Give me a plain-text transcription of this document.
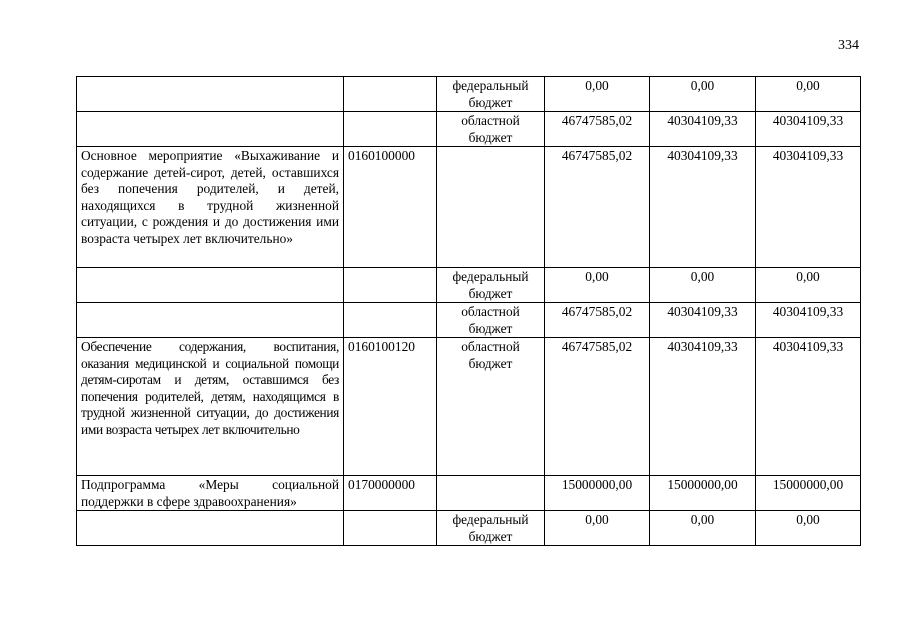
334
		федеральный бюджет	0,00	0,00	0,00
		областной бюджет	46747585,02	40304109,33	40304109,33
Основное мероприятие «Выхаживание и содержание детей-сирот, детей, оставшихся без попечения родителей, и детей, находящихся в трудной жизненной ситуации, с рождения и до достижения ими возраста четырех лет включительно»	0160100000		46747585,02	40304109,33	40304109,33
		федеральный бюджет	0,00	0,00	0,00
		областной бюджет	46747585,02	40304109,33	40304109,33
Обеспечение содержания, воспитания, оказания медицинской и социальной помощи детям-сиротам и детям, оставшимся без попечения родителей, детям, находящимся в трудной жизненной ситуации, до достижения ими возраста четырех лет включительно	0160100120	областной бюджет	46747585,02	40304109,33	40304109,33
Подпрограмма «Меры социальной поддержки в сфере здравоохранения»	0170000000		15000000,00	15000000,00	15000000,00
		федеральный бюджет	0,00	0,00	0,00
